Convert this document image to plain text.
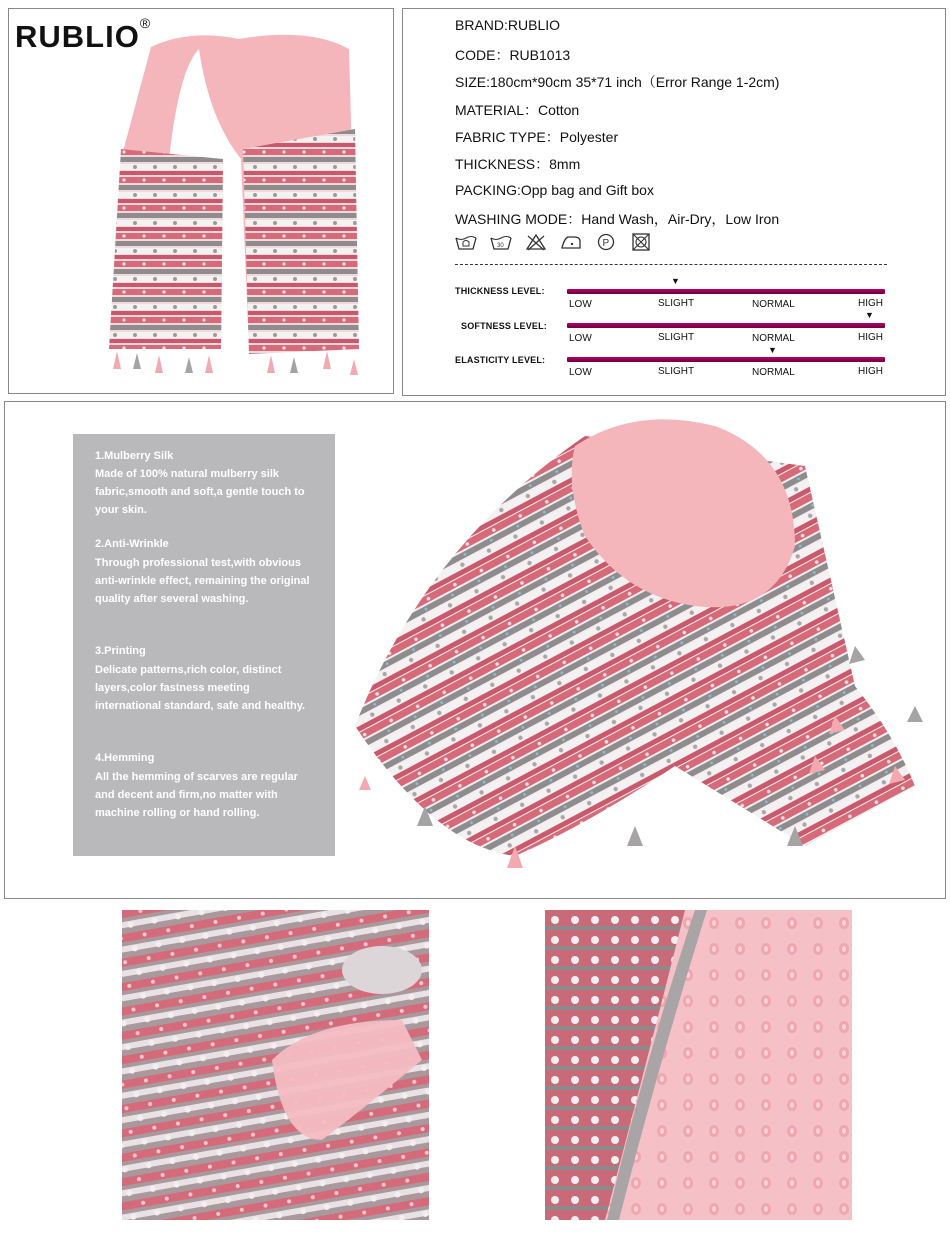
RUBLIO®	BRAND:RUBLIO
CODE：RUB1013
SIZE:180cm*90cm 35*71 inch（Error Range 1-2cm)
MATERIAL：Cotton
FABRIC TYPE：Polyester
THICKNESS：8mm
PACKING:Opp bag and Gift box
WASHING MODE：Hand Wash，Air-Dry，Low Iron
30	P
THICKNESS LEVEL:
▼
LOW	SLIGHT	NORMAL	HIGH
SOFTNESS LEVEL:
▼
LOW	SLIGHT	NORMAL	HIGH
ELASTICITY LEVEL:
▼
LOW	SLIGHT	NORMAL	HIGH
1.Mulberry Silk
Made of 100% natural mulberry silk fabric,smooth and soft,a gentle touch to your skin.
2.Anti-Wrinkle
Through professional test,with obvious anti-wrinkle effect, remaining the original quality after several washing.
3.Printing
Delicate patterns,rich color, distinct layers,color fastness meeting international standard, safe and healthy.
4.Hemming
All the hemming of scarves are regular and decent and firm,no matter with machine rolling or hand rolling.
